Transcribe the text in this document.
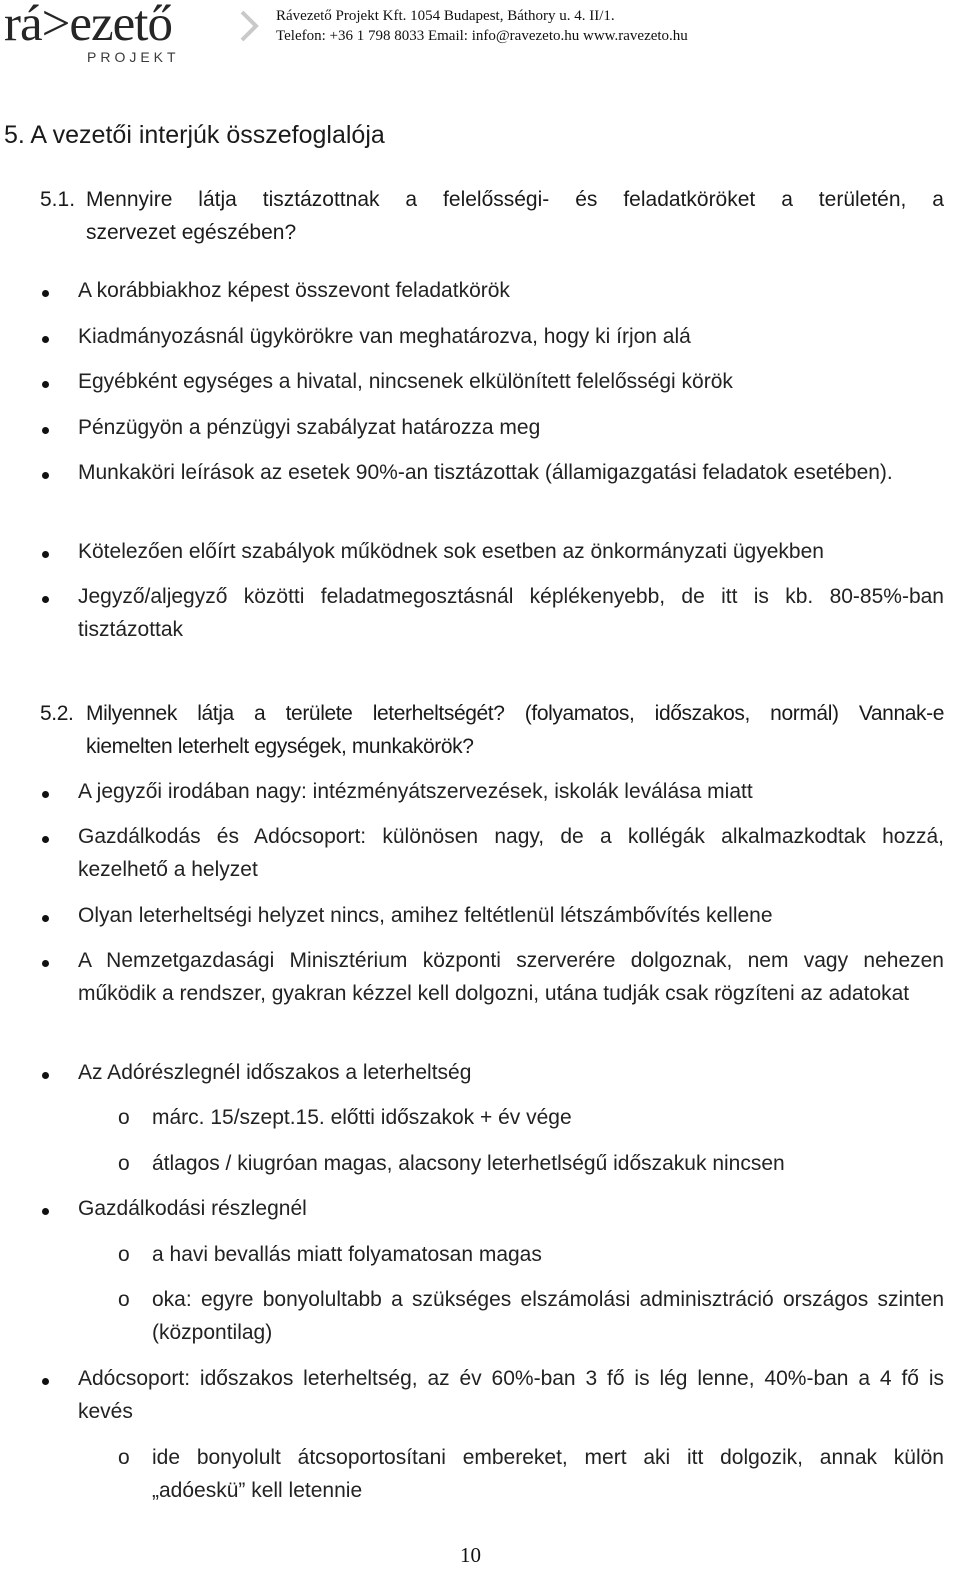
rá>ezető
PROJEKT
Rávezető Projekt Kft. 1054 Budapest, Báthory u. 4. II/1.
Telefon: +36 1 798 8033 Email: info@ravezeto.hu www.ravezeto.hu
5. A vezetői interjúk összefoglalója
5.1. Mennyire látja tisztázottnak a felelősségi- és feladatköröket a területén, a
szervezet egészében?
A korábbiakhoz képest összevont feladatkörök
Kiadmányozásnál ügykörökre van meghatározva, hogy ki írjon alá
Egyébként egységes a hivatal, nincsenek elkülönített felelősségi körök
Pénzügyön a pénzügyi szabályzat határozza meg
Munkaköri leírások az esetek 90%-an tisztázottak (államigazgatási feladatok esetében).
Kötelezően előírt szabályok működnek sok esetben az önkormányzati ügyekben
Jegyző/aljegyző közötti feladatmegosztásnál képlékenyebb, de itt is kb. 80-85%-ban tisztázottak
5.2. Milyennek látja a területe leterheltségét? (folyamatos, időszakos, normál) Vannak-e
kiemelten leterhelt egységek, munkakörök?
A jegyzői irodában nagy: intézményátszervezések, iskolák leválása miatt
Gazdálkodás és Adócsoport: különösen nagy, de a kollégák alkalmazkodtak hozzá, kezelhető a helyzet
Olyan leterheltségi helyzet nincs, amihez feltétlenül létszámbővítés kellene
A Nemzetgazdasági Minisztérium központi szerverére dolgoznak, nem vagy nehezen működik a rendszer, gyakran kézzel kell dolgozni, utána tudják csak rögzíteni az adatokat
Az Adórészlegnél időszakos a leterheltség
o márc. 15/szept.15. előtti időszakok + év vége
o átlagos / kiugróan magas, alacsony leterhetlségű időszakuk nincsen
Gazdálkodási részlegnél
o a havi bevallás miatt folyamatosan magas
o oka: egyre bonyolultabb a szükséges elszámolási adminisztráció országos szinten (központilag)
Adócsoport: időszakos leterheltség, az év 60%-ban 3 fő is lég lenne, 40%-ban a 4 fő is kevés
o ide bonyolult átcsoportosítani embereket, mert aki itt dolgozik, annak külön „adóeskü” kell letennie
10
